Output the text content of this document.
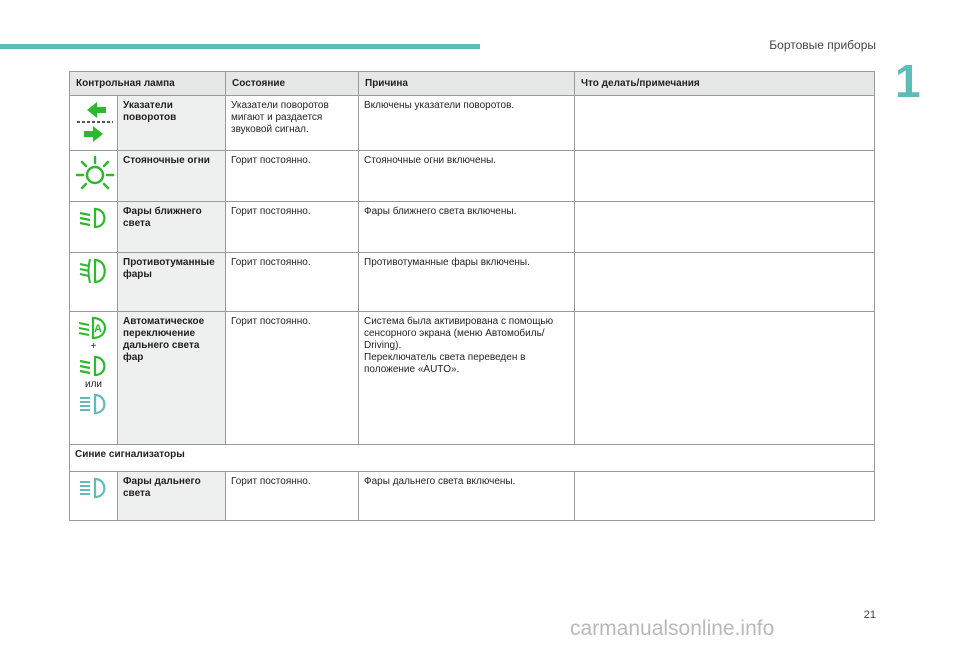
Бортовые приборы
1
Контрольная лампа		Состояние	Причина	Что делать/примечания

	Указатели поворотов	Указатели поворотов
мигают и раздается
звуковой сигнал.	Включены указатели поворотов.	

	Стояночные огни	Горит постоянно.	Стояночные огни включены.	

	Фары ближнего света	Горит постоянно.	Фары ближнего света включены.	

	Противотуманные фары	Горит постоянно.	Противотуманные фары включены.	

A
+
или	Автоматическое переключение дальнего света фар	Горит постоянно.	Система была активирована с помощью
сенсорного экрана (меню Автомобиль/
Driving).
Переключатель света переведен в
положение «AUTO».	
Синие сигнализаторы				

	Фары дальнего света	Горит постоянно.	Фары дальнего света включены.	
21
carmanualsonline.info
